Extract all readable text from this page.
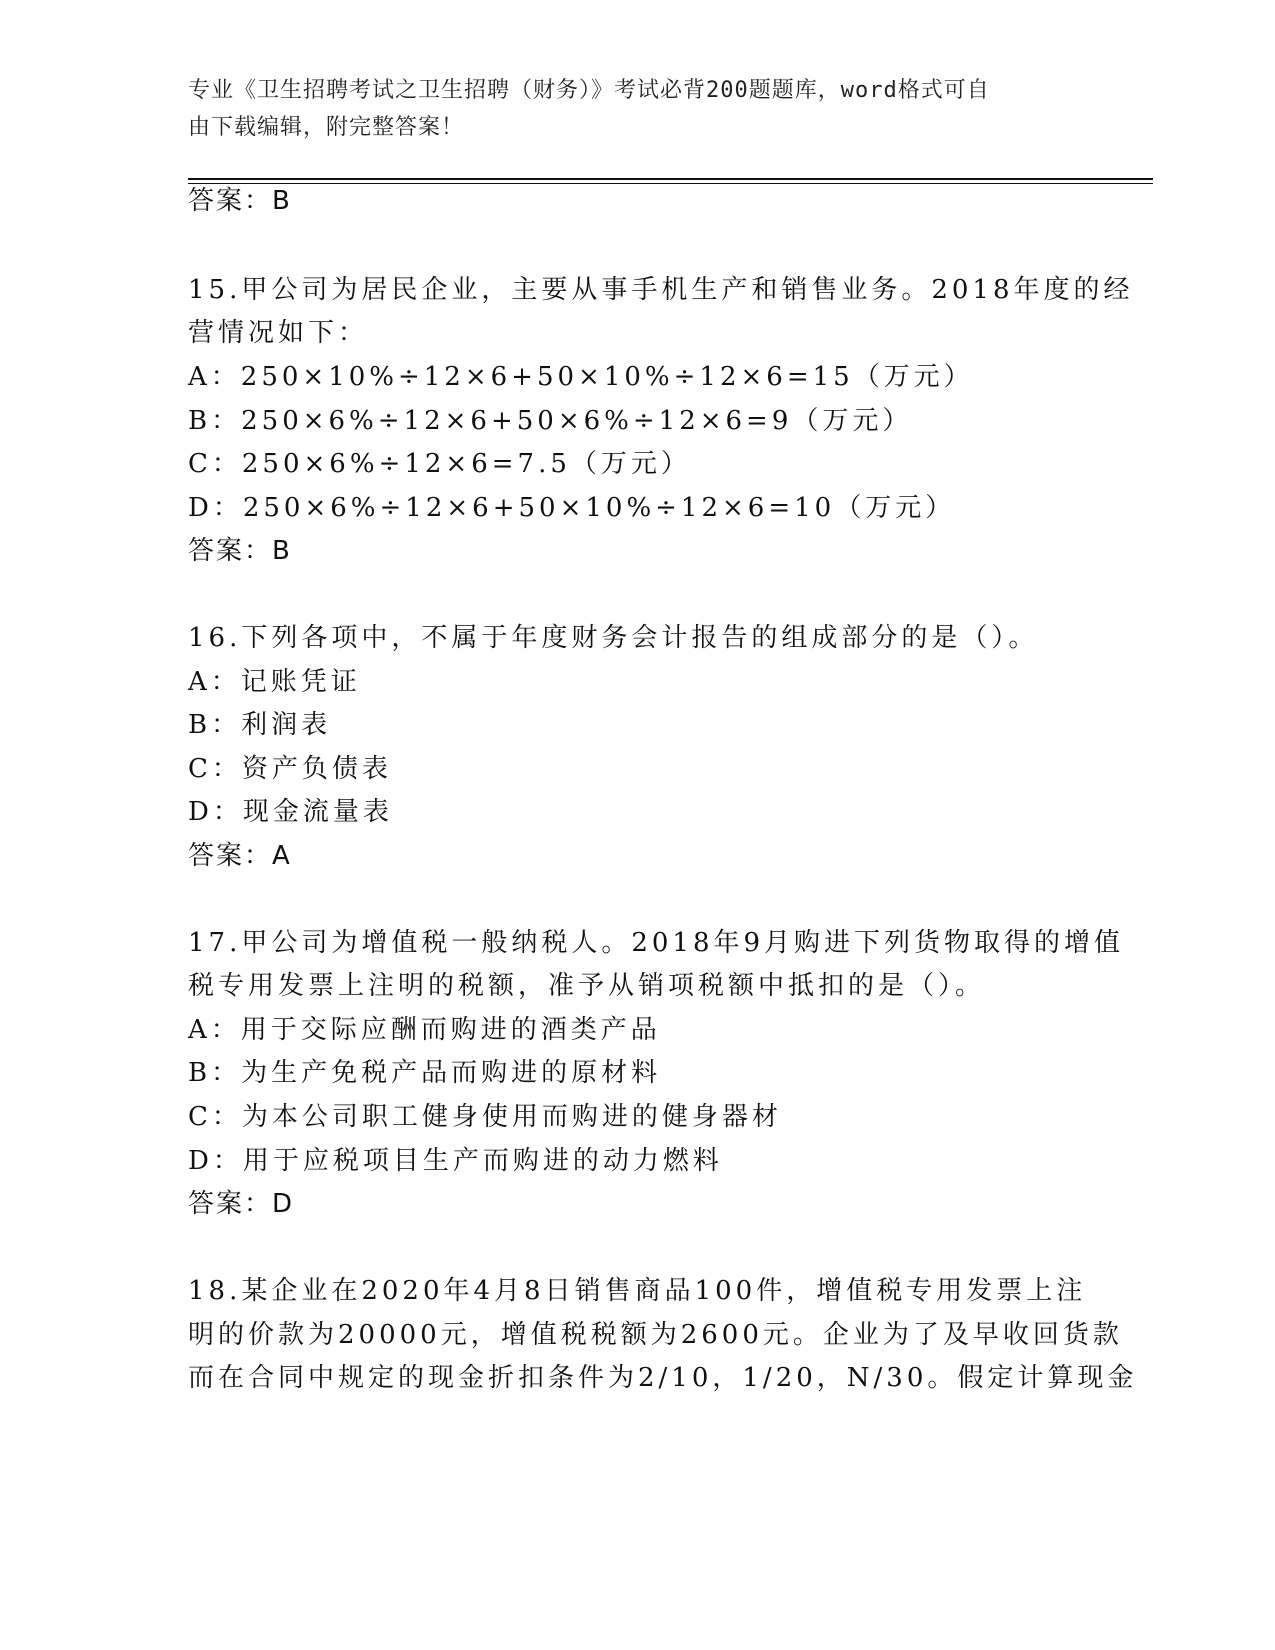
专业《卫生招聘考试之卫生招聘（财务）》考试必背200题题库，word格式可自
由下载编辑，附完整答案！
答案：B
15.甲公司为居民企业，主要从事手机生产和销售业务。2018年度的经
营情况如下：
A：250×10%÷12×6+50×10%÷12×6=15（万元）
B：250×6%÷12×6+50×6%÷12×6=9（万元）
C：250×6%÷12×6=7.5（万元）
D：250×6%÷12×6+50×10%÷12×6=10（万元）
答案：B
16.下列各项中，不属于年度财务会计报告的组成部分的是（）。
A：记账凭证
B：利润表
C：资产负债表
D：现金流量表
答案：A
17.甲公司为增值税一般纳税人。2018年9月购进下列货物取得的增值
税专用发票上注明的税额，准予从销项税额中抵扣的是（）。
A：用于交际应酬而购进的酒类产品
B：为生产免税产品而购进的原材料
C：为本公司职工健身使用而购进的健身器材
D：用于应税项目生产而购进的动力燃料
答案：D
18.某企业在2020年4月8日销售商品100件，增值税专用发票上注
明的价款为20000元，增值税税额为2600元。企业为了及早收回货款
而在合同中规定的现金折扣条件为2/10，1/20，N/30。假定计算现金
